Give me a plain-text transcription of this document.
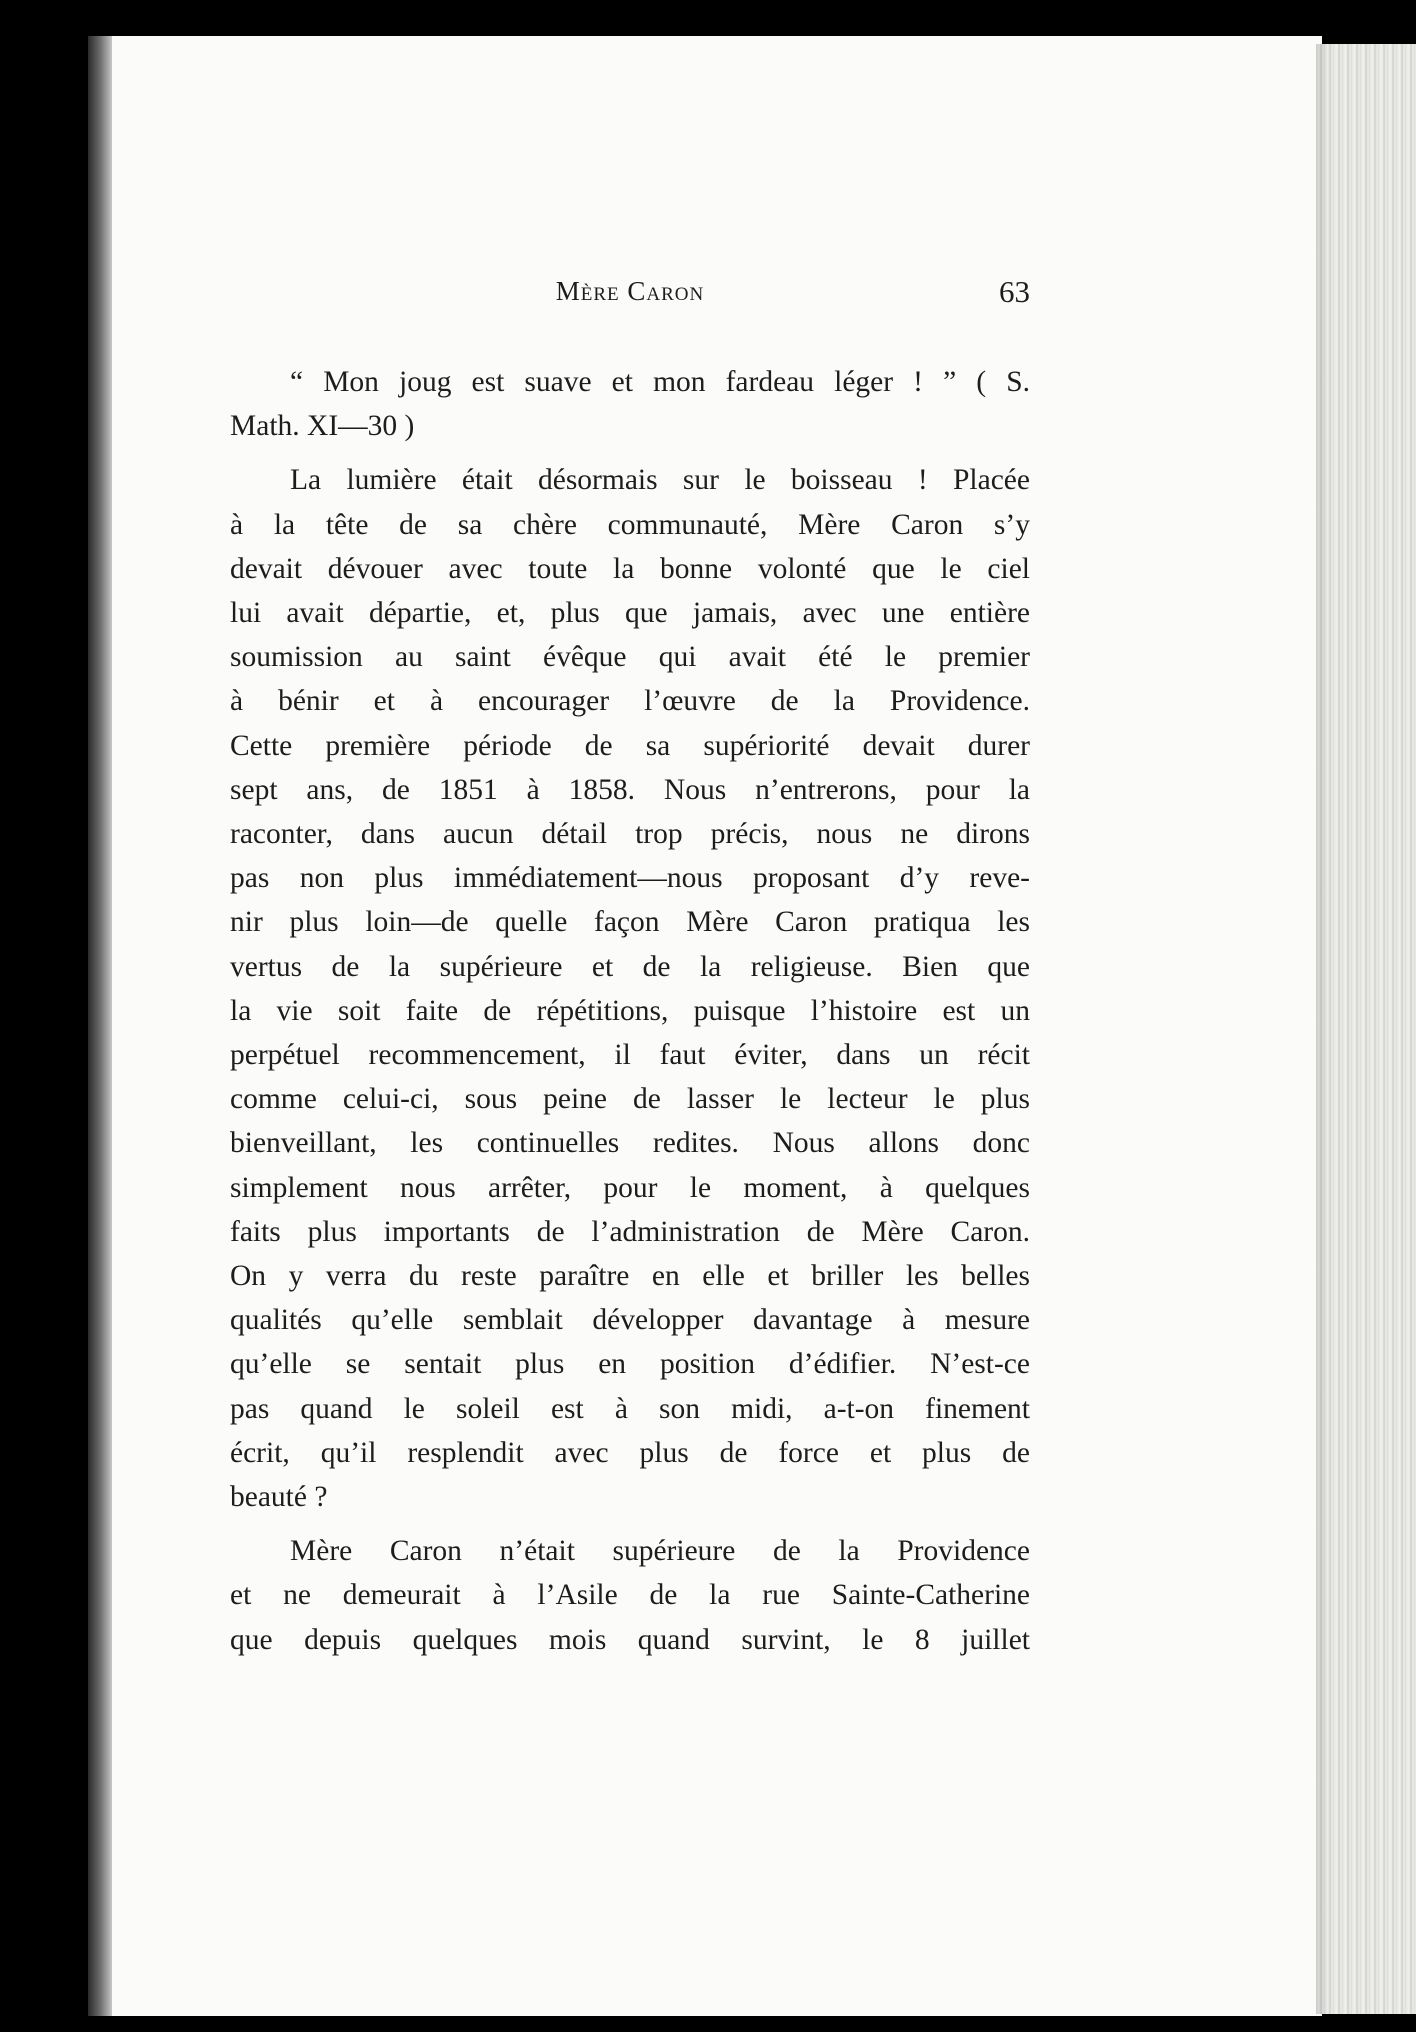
Mère Caron	63

“ Mon joug est suave et mon fardeau léger ! ” ( S.
Math. XI—30 )

La lumière était désormais sur le boisseau ! Placée
à la tête de sa chère communauté, Mère Caron s’y
devait dévouer avec toute la bonne volonté que le ciel
lui avait départie, et, plus que jamais, avec une entière
soumission au saint évêque qui avait été le premier
à bénir et à encourager l’œuvre de la Providence.
Cette première période de sa supériorité devait durer
sept ans, de 1851 à 1858. Nous n’entrerons, pour la
raconter, dans aucun détail trop précis, nous ne dirons
pas non plus immédiatement—nous proposant d’y reve-
nir plus loin—de quelle façon Mère Caron pratiqua les
vertus de la supérieure et de la religieuse. Bien que
la vie soit faite de répétitions, puisque l’histoire est un
perpétuel recommencement, il faut éviter, dans un récit
comme celui-ci, sous peine de lasser le lecteur le plus
bienveillant, les continuelles redites. Nous allons donc
simplement nous arrêter, pour le moment, à quelques
faits plus importants de l’administration de Mère Caron.
On y verra du reste paraître en elle et briller les belles
qualités qu’elle semblait développer davantage à mesure
qu’elle se sentait plus en position d’édifier. N’est-ce
pas quand le soleil est à son midi, a-t-on finement
écrit, qu’il resplendit avec plus de force et plus de
beauté ?

Mère Caron n’était supérieure de la Providence
et ne demeurait à l’Asile de la rue Sainte-Catherine
que depuis quelques mois quand survint, le 8 juillet
